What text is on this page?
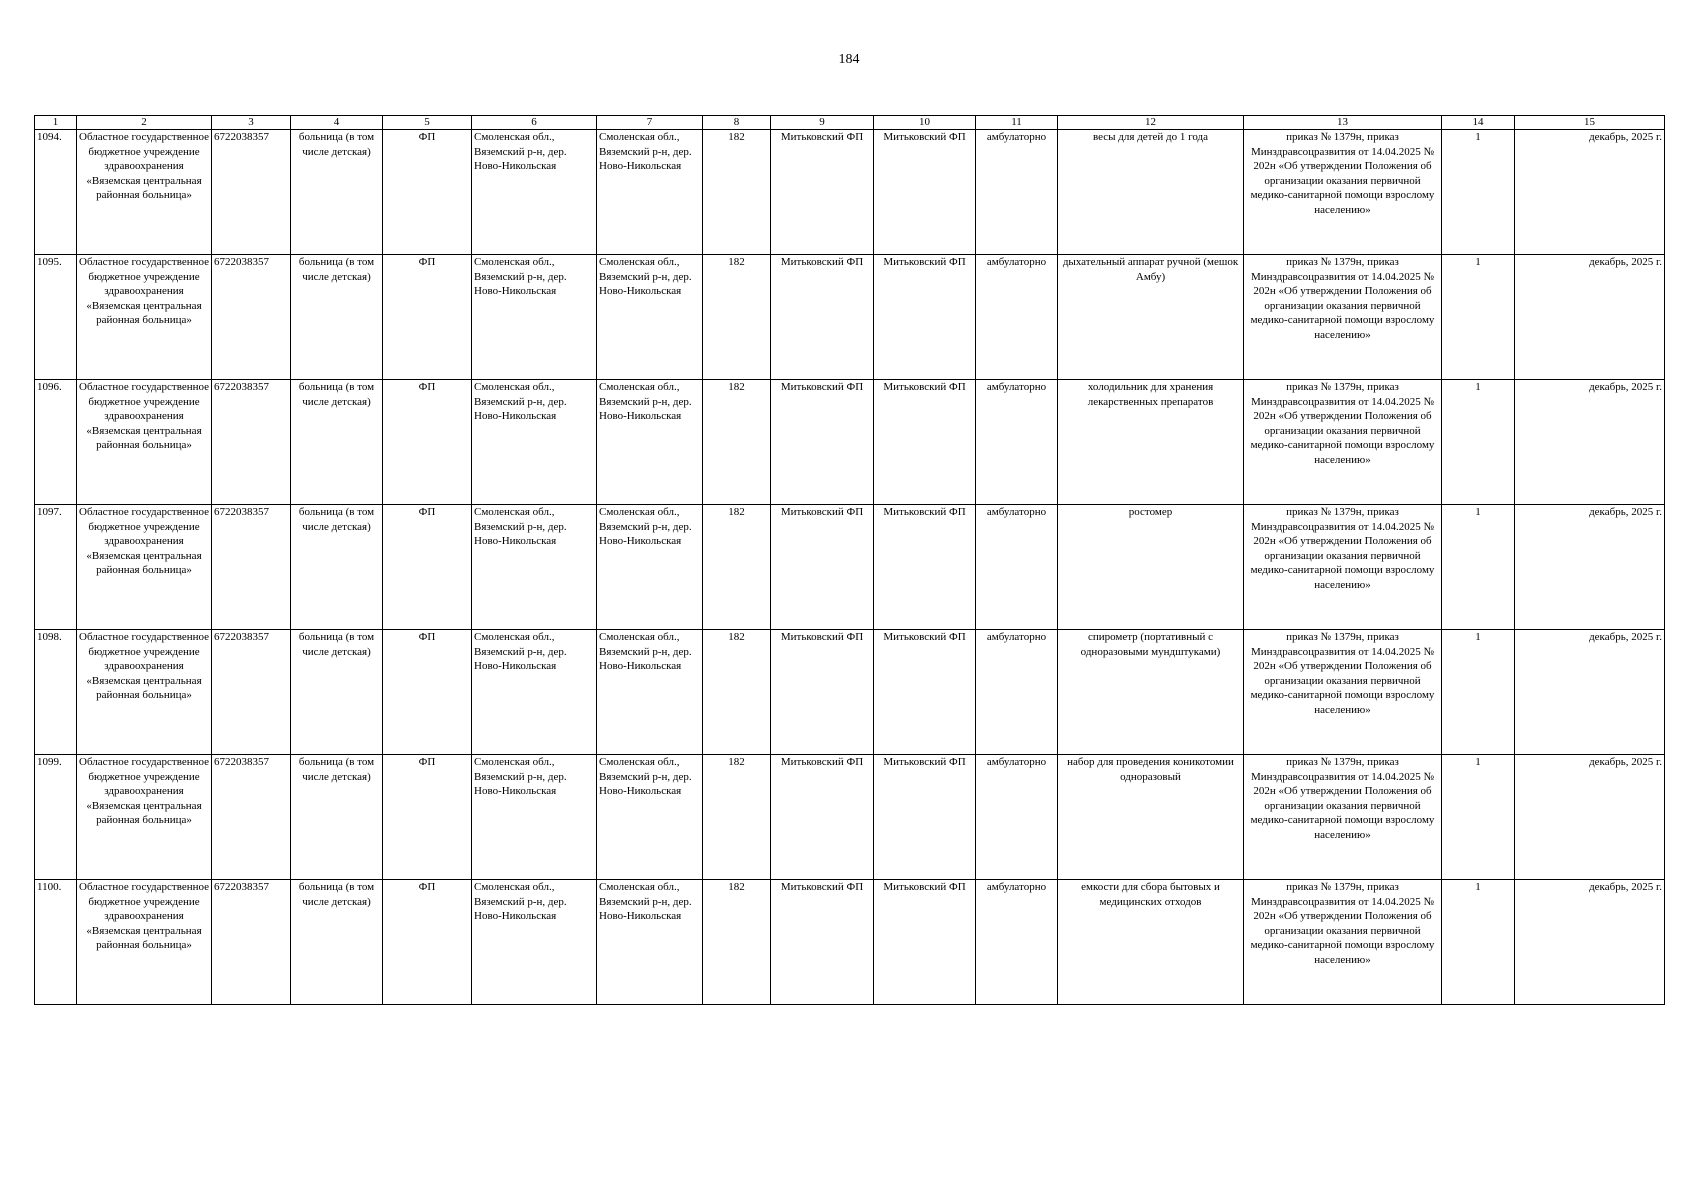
184
1	2	3	4	5	6	7	8	9	10	11	12	13	14	15
1094.	Областное государственное бюджетное учреждение здравоохранения «Вяземская центральная районная больница»	6722038357	больница (в том числе детская)	ФП	Смоленская обл., Вяземский р-н, дер. Ново-Никольская	Смоленская обл., Вяземский р-н, дер. Ново-Никольская	182	Митьковский ФП	Митьковский ФП	амбулаторно	весы для детей до 1 года	приказ № 1379н, приказ Минздравсоцразвития от 14.04.2025 № 202н «Об утверждении Положения об организации оказания первичной медико-санитарной помощи взрослому населению»	1	декабрь, 2025 г.
1095.	Областное государственное бюджетное учреждение здравоохранения «Вяземская центральная районная больница»	6722038357	больница (в том числе детская)	ФП	Смоленская обл., Вяземский р-н, дер. Ново-Никольская	Смоленская обл., Вяземский р-н, дер. Ново-Никольская	182	Митьковский ФП	Митьковский ФП	амбулаторно	дыхательный аппарат ручной (мешок Амбу)	приказ № 1379н, приказ Минздравсоцразвития от 14.04.2025 № 202н «Об утверждении Положения об организации оказания первичной медико-санитарной помощи взрослому населению»	1	декабрь, 2025 г.
1096.	Областное государственное бюджетное учреждение здравоохранения «Вяземская центральная районная больница»	6722038357	больница (в том числе детская)	ФП	Смоленская обл., Вяземский р-н, дер. Ново-Никольская	Смоленская обл., Вяземский р-н, дер. Ново-Никольская	182	Митьковский ФП	Митьковский ФП	амбулаторно	холодильник для хранения лекарственных препаратов	приказ № 1379н, приказ Минздравсоцразвития от 14.04.2025 № 202н «Об утверждении Положения об организации оказания первичной медико-санитарной помощи взрослому населению»	1	декабрь, 2025 г.
1097.	Областное государственное бюджетное учреждение здравоохранения «Вяземская центральная районная больница»	6722038357	больница (в том числе детская)	ФП	Смоленская обл., Вяземский р-н, дер. Ново-Никольская	Смоленская обл., Вяземский р-н, дер. Ново-Никольская	182	Митьковский ФП	Митьковский ФП	амбулаторно	ростомер	приказ № 1379н, приказ Минздравсоцразвития от 14.04.2025 № 202н «Об утверждении Положения об организации оказания первичной медико-санитарной помощи взрослому населению»	1	декабрь, 2025 г.
1098.	Областное государственное бюджетное учреждение здравоохранения «Вяземская центральная районная больница»	6722038357	больница (в том числе детская)	ФП	Смоленская обл., Вяземский р-н, дер. Ново-Никольская	Смоленская обл., Вяземский р-н, дер. Ново-Никольская	182	Митьковский ФП	Митьковский ФП	амбулаторно	спирометр (портативный с одноразовыми мундштуками)	приказ № 1379н, приказ Минздравсоцразвития от 14.04.2025 № 202н «Об утверждении Положения об организации оказания первичной медико-санитарной помощи взрослому населению»	1	декабрь, 2025 г.
1099.	Областное государственное бюджетное учреждение здравоохранения «Вяземская центральная районная больница»	6722038357	больница (в том числе детская)	ФП	Смоленская обл., Вяземский р-н, дер. Ново-Никольская	Смоленская обл., Вяземский р-н, дер. Ново-Никольская	182	Митьковский ФП	Митьковский ФП	амбулаторно	набор для проведения коникотомии одноразовый	приказ № 1379н, приказ Минздравсоцразвития от 14.04.2025 № 202н «Об утверждении Положения об организации оказания первичной медико-санитарной помощи взрослому населению»	1	декабрь, 2025 г.
1100.	Областное государственное бюджетное учреждение здравоохранения «Вяземская центральная районная больница»	6722038357	больница (в том числе детская)	ФП	Смоленская обл., Вяземский р-н, дер. Ново-Никольская	Смоленская обл., Вяземский р-н, дер. Ново-Никольская	182	Митьковский ФП	Митьковский ФП	амбулаторно	емкости для сбора бытовых и медицинских отходов	приказ № 1379н, приказ Минздравсоцразвития от 14.04.2025 № 202н «Об утверждении Положения об организации оказания первичной медико-санитарной помощи взрослому населению»	1	декабрь, 2025 г.
